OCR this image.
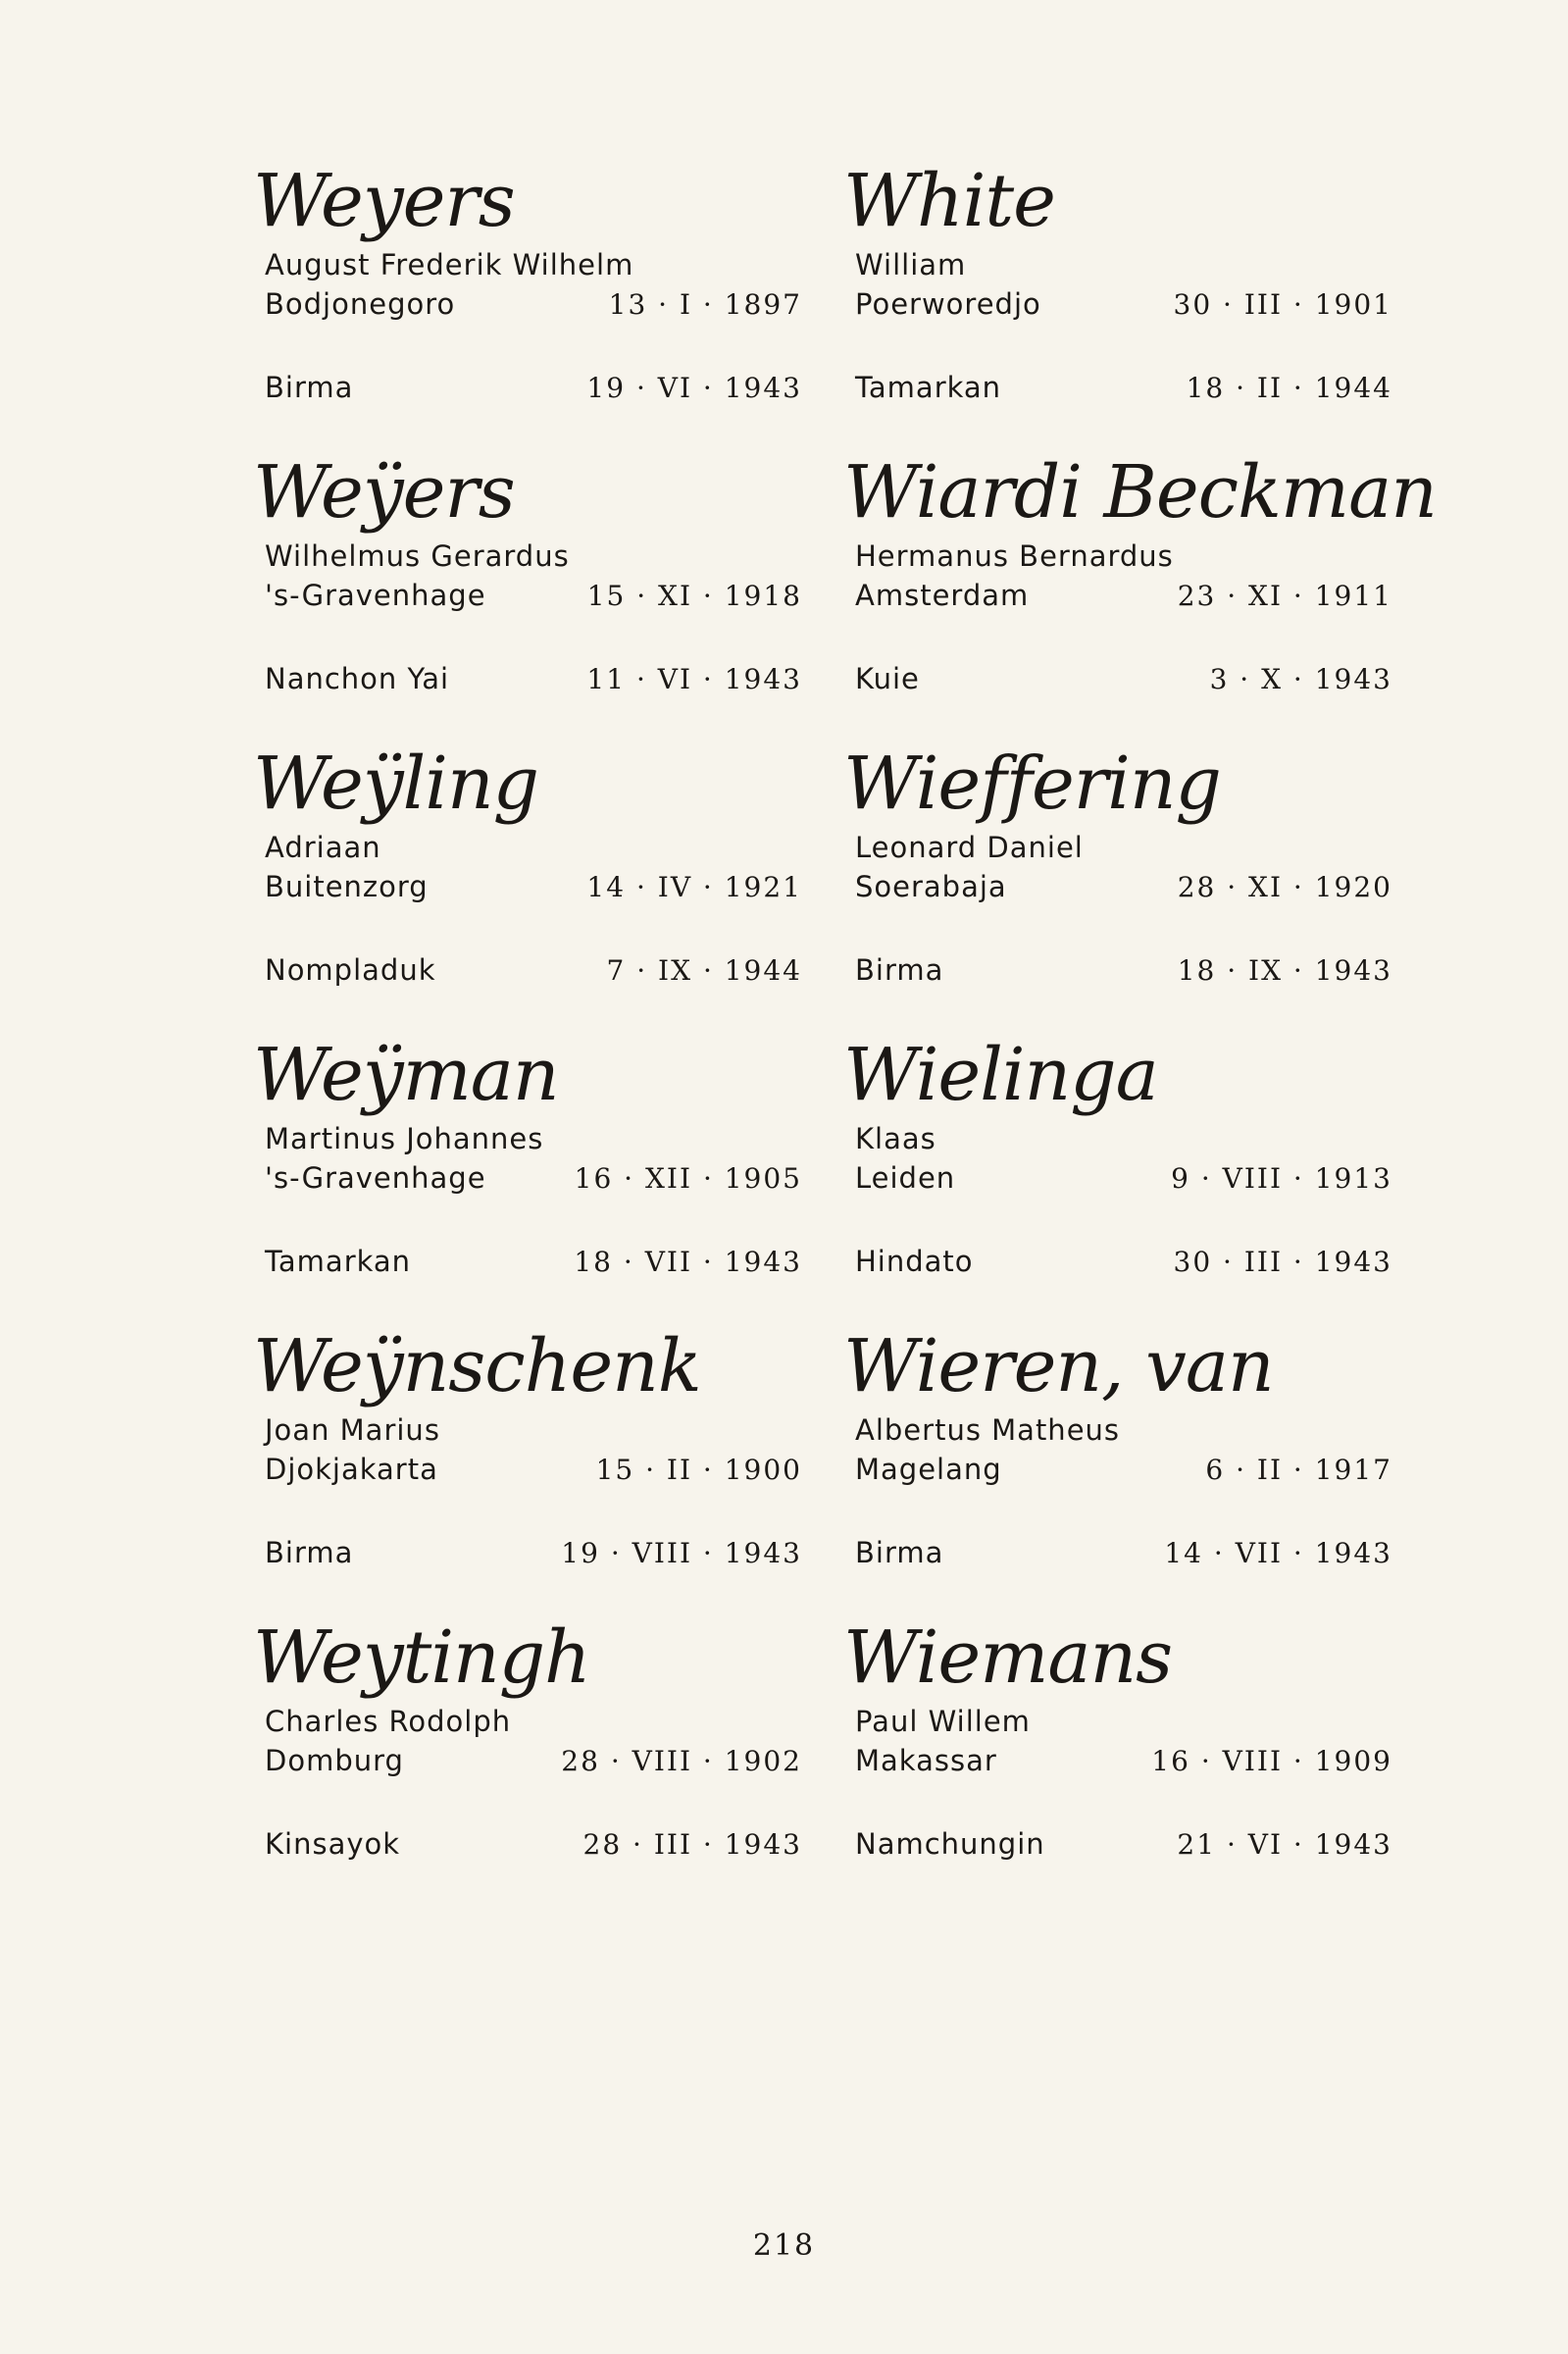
Weyers
August Frederik Wilhelm
Bodjonegoro	13 · I · 1897
Birma	19 · VI · 1943
Weÿers
Wilhelmus Gerardus
's-Gravenhage	15 · XI · 1918
Nanchon Yai	11 · VI · 1943
Weÿling
Adriaan
Buitenzorg	14 · IV · 1921
Nompladuk	7 · IX · 1944
Weÿman
Martinus Johannes
's-Gravenhage	16 · XII · 1905
Tamarkan	18 · VII · 1943
Weÿnschenk
Joan Marius
Djokjakarta	15 · II · 1900
Birma	19 · VIII · 1943
Weytingh
Charles Rodolph
Domburg	28 · VIII · 1902
Kinsayok	28 · III · 1943
White
William
Poerworedjo	30 · III · 1901
Tamarkan	18 · II · 1944
Wiardi Beckman
Hermanus Bernardus
Amsterdam	23 · XI · 1911
Kuie	3 · X · 1943
Wieffering
Leonard Daniel
Soerabaja	28 · XI · 1920
Birma	18 · IX · 1943
Wielinga
Klaas
Leiden	9 · VIII · 1913
Hindato	30 · III · 1943
Wieren, van
Albertus Matheus
Magelang	6 · II · 1917
Birma	14 · VII · 1943
Wiemans
Paul Willem
Makassar	16 · VIII · 1909
Namchungin	21 · VI · 1943
218
